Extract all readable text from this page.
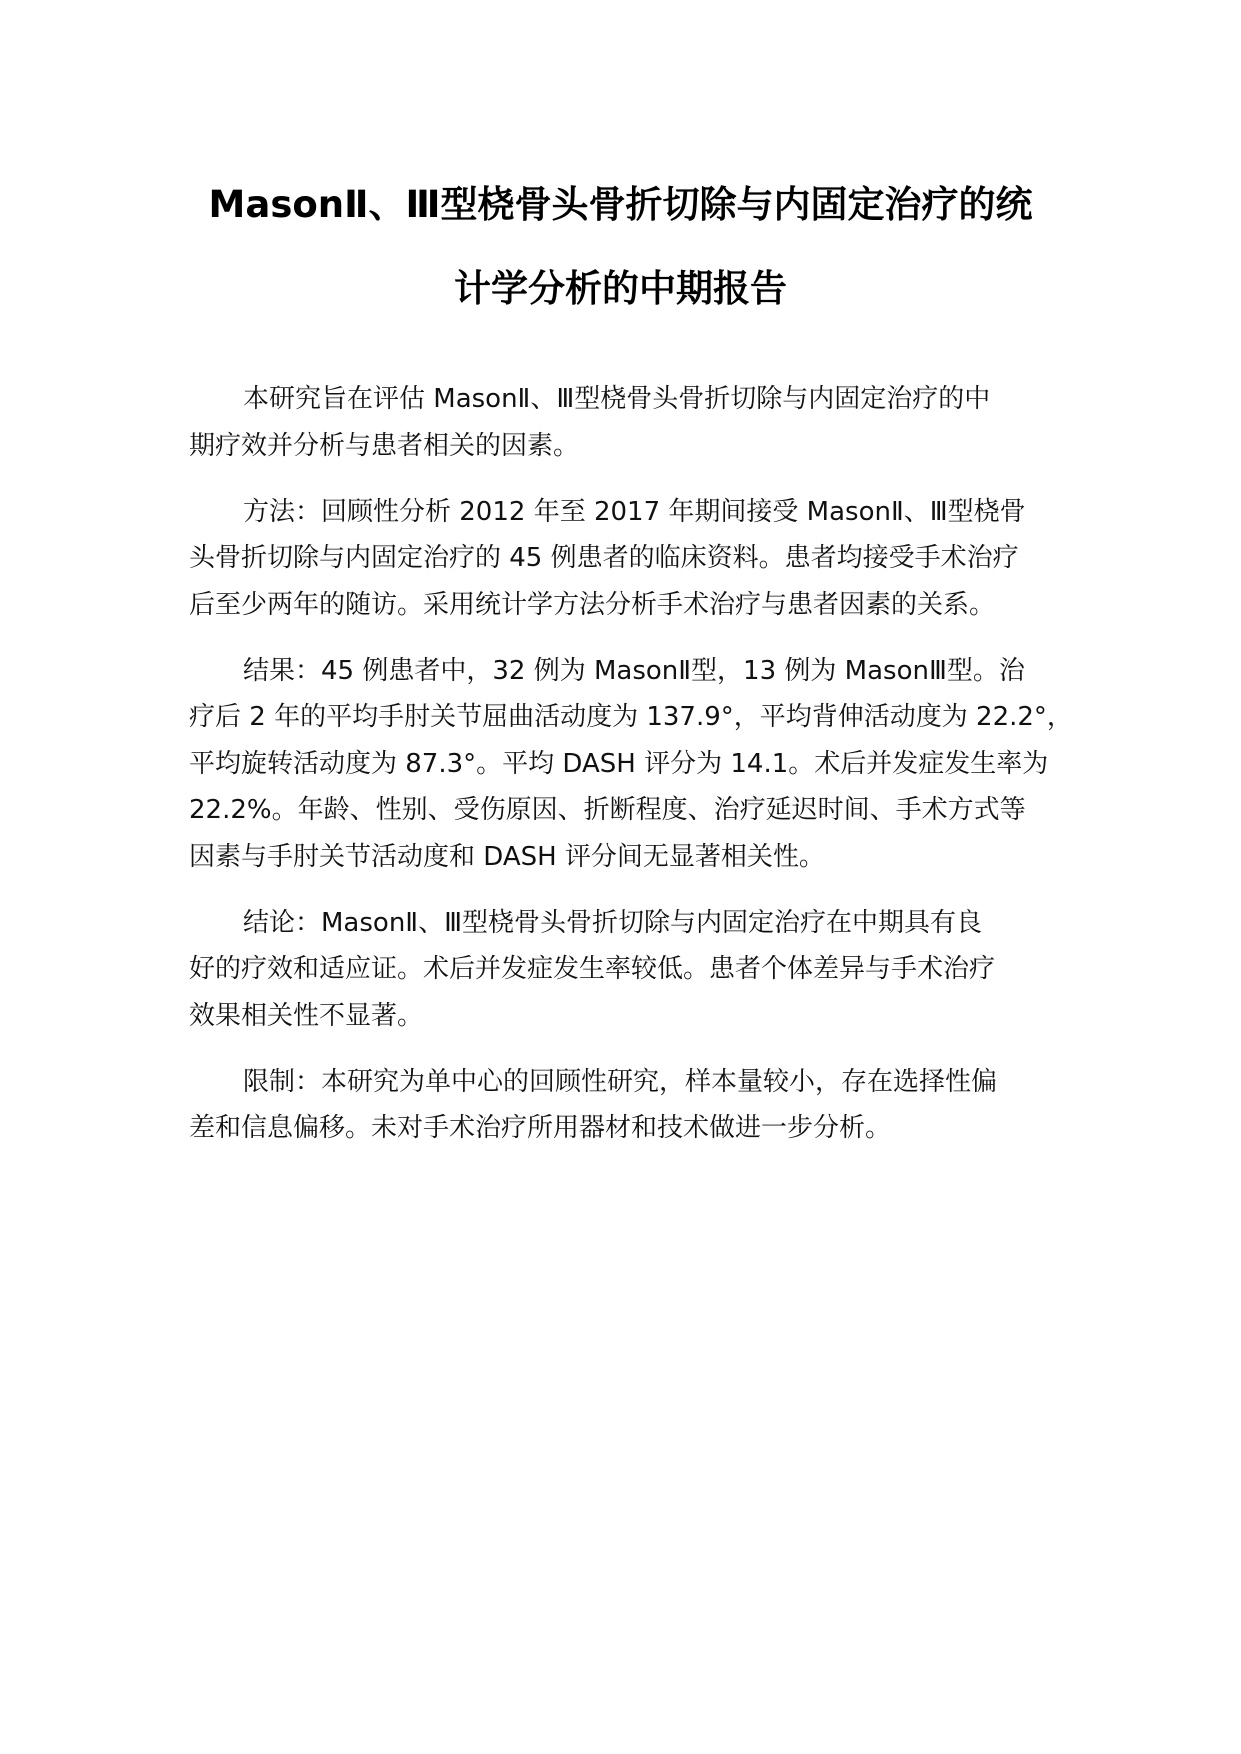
MasonⅡ、Ⅲ型桡骨头骨折切除与内固定治疗的统
计学分析的中期报告
本研究旨在评估 MasonⅡ、Ⅲ型桡骨头骨折切除与内固定治疗的中
期疗效并分析与患者相关的因素。
方法：回顾性分析 2012 年至 2017 年期间接受 MasonⅡ、Ⅲ型桡骨
头骨折切除与内固定治疗的 45 例患者的临床资料。患者均接受手术治疗
后至少两年的随访。采用统计学方法分析手术治疗与患者因素的关系。
结果：45 例患者中，32 例为 MasonⅡ型，13 例为 MasonⅢ型。治
疗后 2 年的平均手肘关节屈曲活动度为 137.9°，平均背伸活动度为 22.2°，
平均旋转活动度为 87.3°。平均 DASH 评分为 14.1。术后并发症发生率为
22.2%。年龄、性别、受伤原因、折断程度、治疗延迟时间、手术方式等
因素与手肘关节活动度和 DASH 评分间无显著相关性。
结论：MasonⅡ、Ⅲ型桡骨头骨折切除与内固定治疗在中期具有良
好的疗效和适应证。术后并发症发生率较低。患者个体差异与手术治疗
效果相关性不显著。
限制：本研究为单中心的回顾性研究，样本量较小，存在选择性偏
差和信息偏移。未对手术治疗所用器材和技术做进一步分析。
